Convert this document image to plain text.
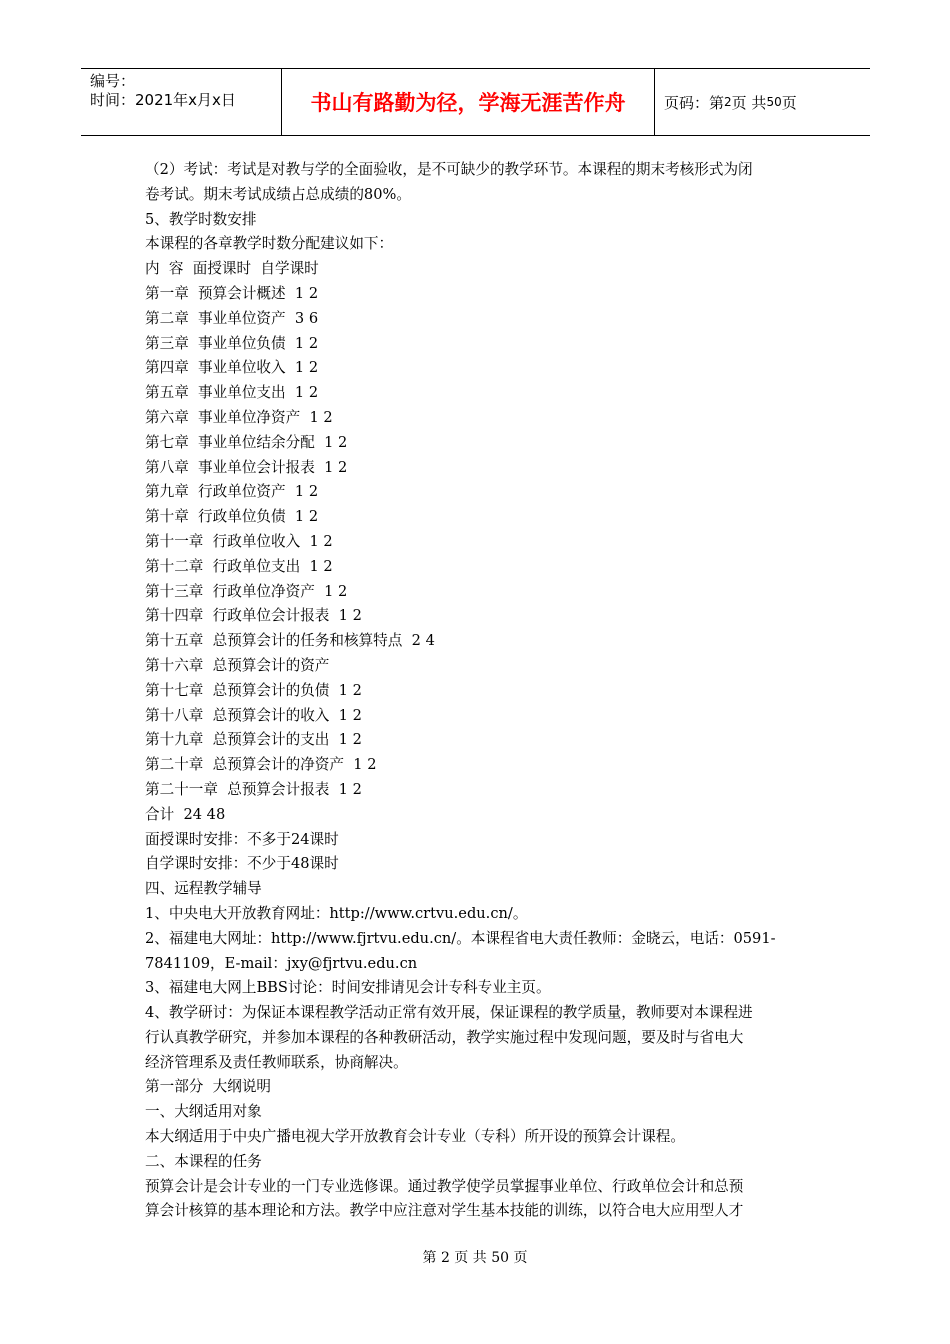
编号：
时间：2021年x月x日	书山有路勤为径，学海无涯苦作舟	页码：第 2 页 共 50 页

（2）考试：考试是对教与学的全面验收，是不可缺少的教学环节。本课程的期末考核形式为闭

卷考试。期末考试成绩占总成绩的80%。

5、教学时数安排

本课程的各章教学时数分配建议如下：

内  容  面授课时  自学课时

第一章  预算会计概述  1 2

第二章  事业单位资产  3 6

第三章  事业单位负债  1 2

第四章  事业单位收入  1 2

第五章  事业单位支出  1 2

第六章  事业单位净资产  1 2

第七章  事业单位结余分配  1 2

第八章  事业单位会计报表  1 2

第九章  行政单位资产  1 2

第十章  行政单位负债  1 2

第十一章  行政单位收入  1 2

第十二章  行政单位支出  1 2

第十三章  行政单位净资产  1 2

第十四章  行政单位会计报表  1 2

第十五章  总预算会计的任务和核算特点  2 4

第十六章  总预算会计的资产

第十七章  总预算会计的负债  1 2

第十八章  总预算会计的收入  1 2

第十九章  总预算会计的支出  1 2

第二十章  总预算会计的净资产  1 2

第二十一章  总预算会计报表  1 2

合计  24 48

面授课时安排：不多于24课时

自学课时安排：不少于48课时

四、远程教学辅导

1、中央电大开放教育网址：http://www.crtvu.edu.cn/。

2、福建电大网址：http://www.fjrtvu.edu.cn/。本课程省电大责任教师：金晓云，电话：0591-

7841109，E-mail：jxy@fjrtvu.edu.cn

3、福建电大网上BBS讨论：时间安排请见会计专科专业主页。

4、教学研讨：为保证本课程教学活动正常有效开展，保证课程的教学质量，教师要对本课程进

行认真教学研究，并参加本课程的各种教研活动，教学实施过程中发现问题，要及时与省电大

经济管理系及责任教师联系，协商解决。

第一部分  大纲说明

一、大纲适用对象

本大纲适用于中央广播电视大学开放教育会计专业（专科）所开设的预算会计课程。

二、本课程的任务

预算会计是会计专业的一门专业选修课。通过教学使学员掌握事业单位、行政单位会计和总预

算会计核算的基本理论和方法。教学中应注意对学生基本技能的训练，以符合电大应用型人才

第 2 页 共 50 页
